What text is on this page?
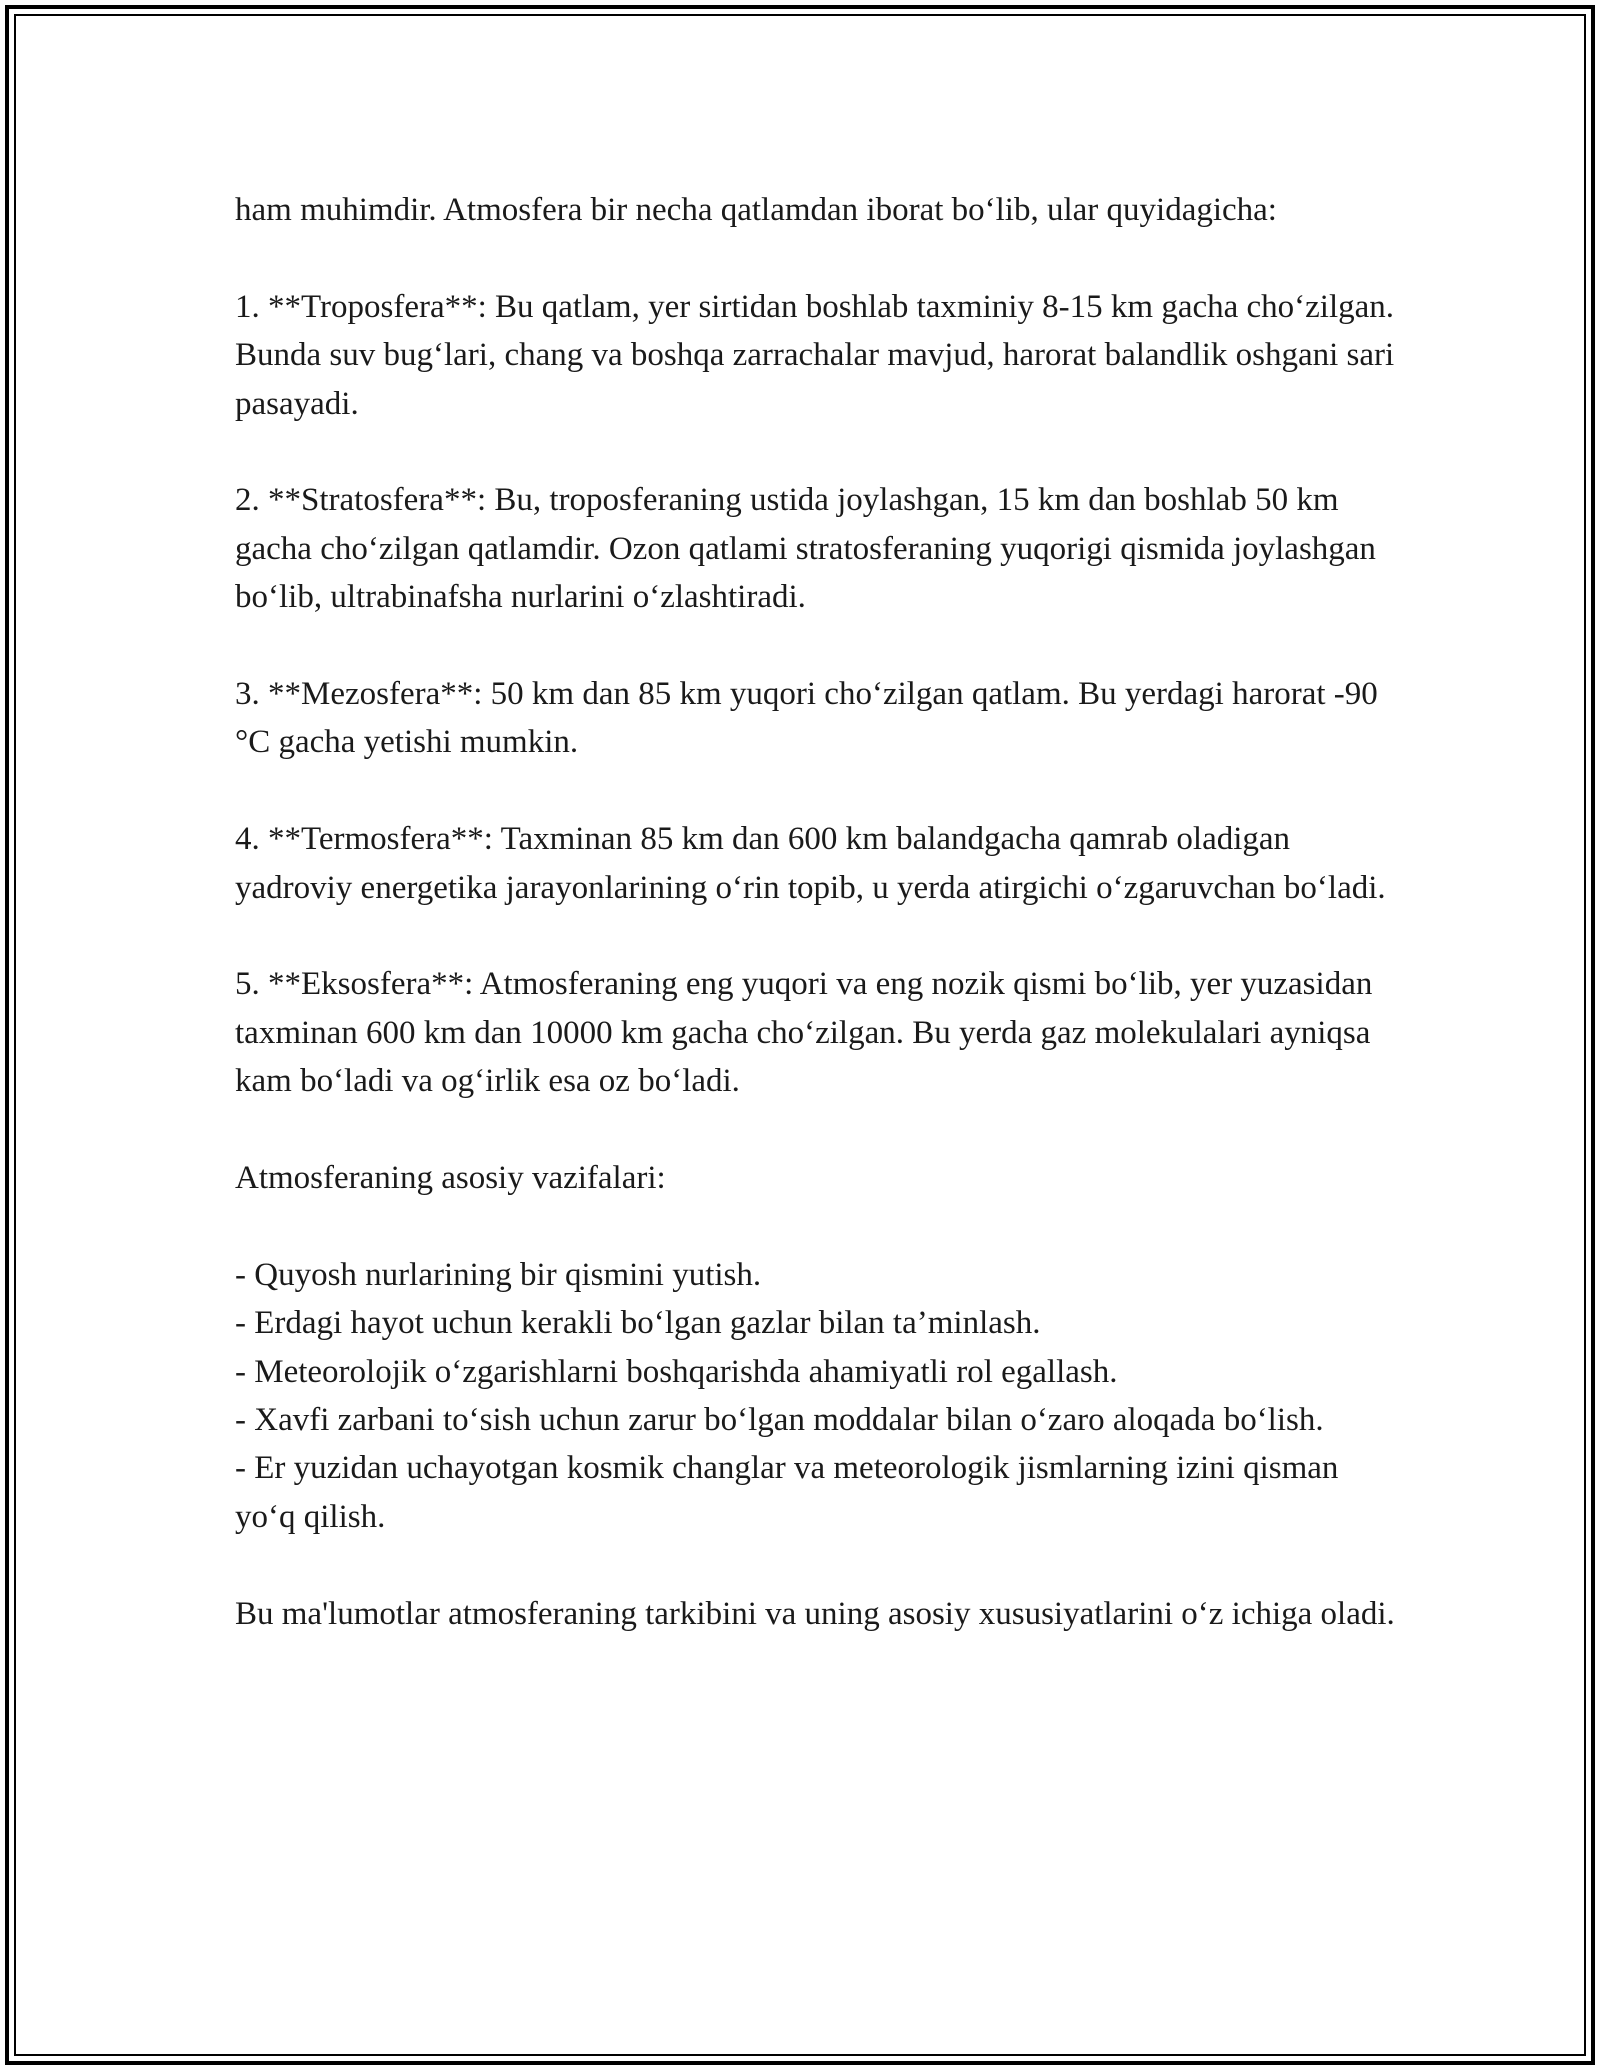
ham muhimdir. Atmosfera bir necha qatlamdan iborat bo‘lib, ular quyidagicha:

1. **Troposfera**: Bu qatlam, yer sirtidan boshlab taxminiy 8-15 km gacha cho‘zilgan. Bunda suv bug‘lari, chang va boshqa zarrachalar mavjud, harorat balandlik oshgani sari pasayadi.

2. **Stratosfera**: Bu, troposferaning ustida joylashgan, 15 km dan boshlab 50 km gacha cho‘zilgan qatlamdir. Ozon qatlami stratosferaning yuqorigi qismida joylashgan bo‘lib, ultrabinafsha nurlarini o‘zlashtiradi.

3. **Mezosfera**: 50 km dan 85 km yuqori cho‘zilgan qatlam. Bu yerdagi harorat -90 °C gacha yetishi mumkin.

4. **Termosfera**: Taxminan 85 km dan 600 km balandgacha qamrab oladigan yadroviy energetika jarayonlarining o‘rin topib, u yerda atirgichi o‘zgaruvchan bo‘ladi.

5. **Eksosfera**: Atmosferaning eng yuqori va eng nozik qismi bo‘lib, yer yuzasidan taxminan 600 km dan 10000 km gacha cho‘zilgan. Bu yerda gaz molekulalari ayniqsa kam bo‘ladi va og‘irlik esa oz bo‘ladi.

Atmosferaning asosiy vazifalari:

- Quyosh nurlarining bir qismini yutish.
- Erdagi hayot uchun kerakli bo‘lgan gazlar bilan ta’minlash.
- Meteorolojik o‘zgarishlarni boshqarishda ahamiyatli rol egallash.
- Xavfi zarbani to‘sish uchun zarur bo‘lgan moddalar bilan o‘zaro aloqada bo‘lish.
- Er yuzidan uchayotgan kosmik changlar va meteorologik jismlarning izini qisman yo‘q qilish.

Bu ma'lumotlar atmosferaning tarkibini va uning asosiy xususiyatlarini o‘z ichiga oladi.
